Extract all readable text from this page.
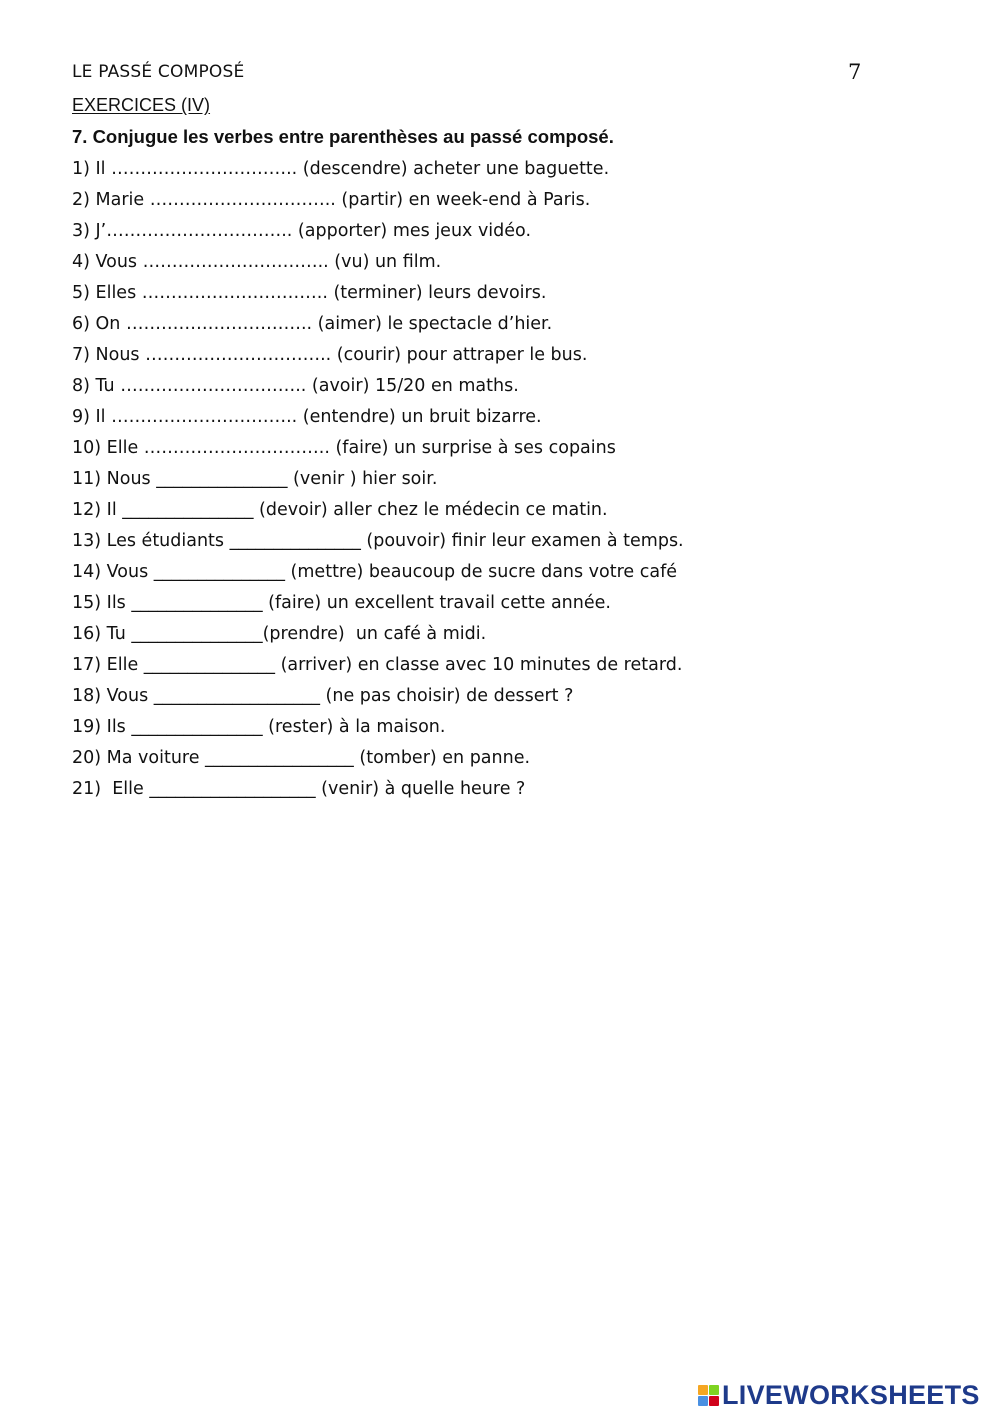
LE PASSÉ COMPOSÉ	7
EXERCICES (IV)
7. Conjugue les verbes entre parenthèses au passé composé.
1) Il ………………………….. (descendre) acheter une baguette.
2) Marie ………………………….. (partir) en week-end à Paris.
3) J’………………………….. (apporter) mes jeux vidéo.
4) Vous ………………………….. (vu) un film.
5) Elles ………………………….. (terminer) leurs devoirs.
6) On ………………………….. (aimer) le spectacle d’hier.
7) Nous ………………………….. (courir) pour attraper le bus.
8) Tu ………………………….. (avoir) 15/20 en maths.
9) Il ………………………….. (entendre) un bruit bizarre.
10) Elle ………………………….. (faire) un surprise à ses copains
11) Nous _______________ (venir ) hier soir.
12) Il _______________ (devoir) aller chez le médecin ce matin.
13) Les étudiants _______________ (pouvoir) finir leur examen à temps.
14) Vous _______________ (mettre) beaucoup de sucre dans votre café
15) Ils _______________ (faire) un excellent travail cette année.
16) Tu _______________(prendre)  un café à midi.
17) Elle _______________ (arriver) en classe avec 10 minutes de retard.
18) Vous ___________________ (ne pas choisir) de dessert ?
19) Ils _______________ (rester) à la maison.
20) Ma voiture _________________ (tomber) en panne.
21)  Elle ___________________ (venir) à quelle heure ?
LIVEWORKSHEETS
